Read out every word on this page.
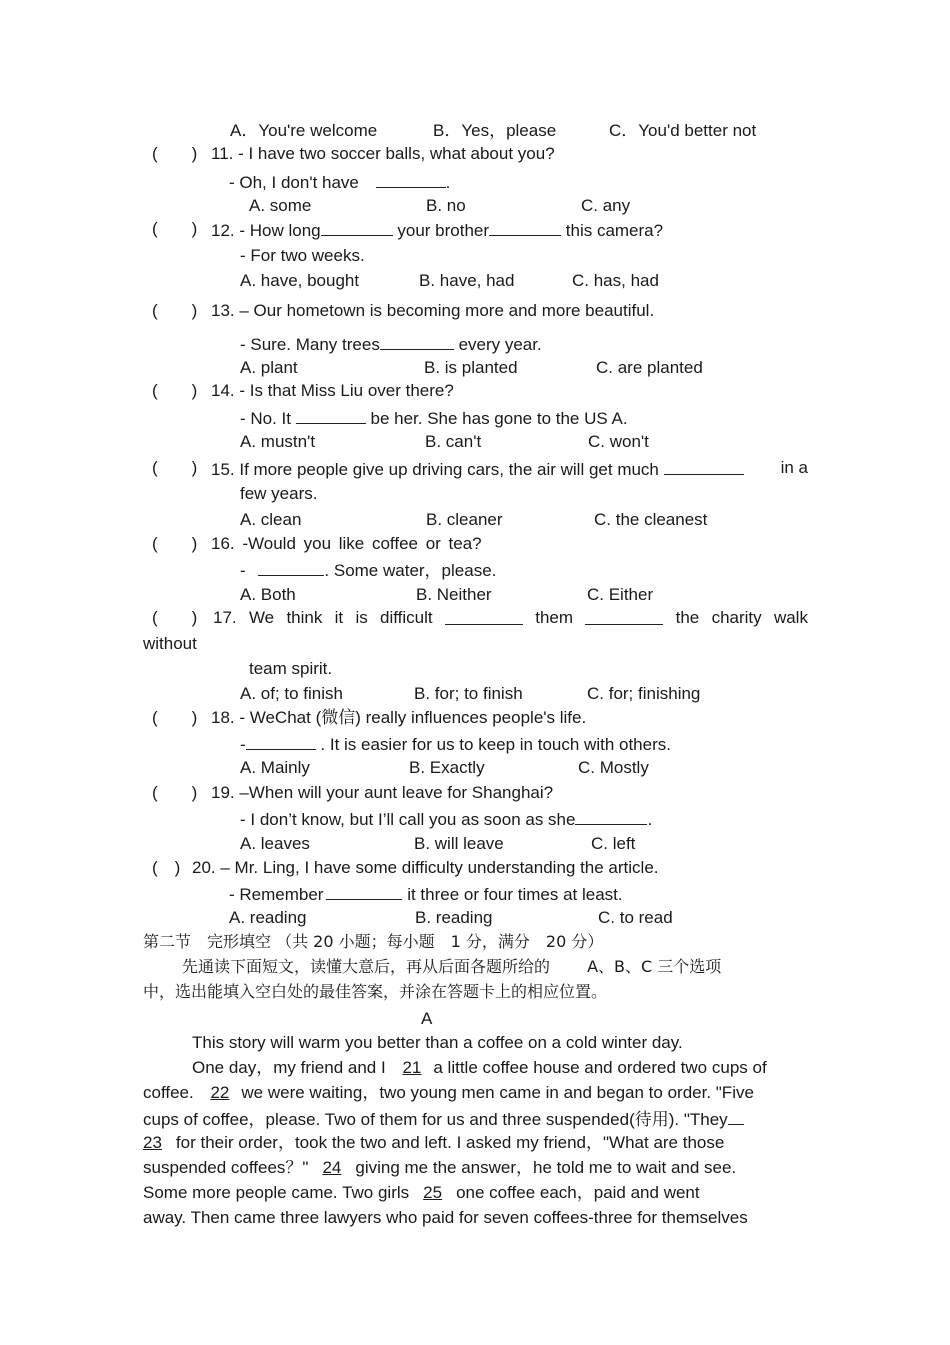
A．You're welcome	B．Yes，please	C．You'd better not
(　　) 11. - I have two soccer balls, what about you?
- Oh, I don't have	.
A. some	B. no	C. any
(　　) 12. - How long	your brother	this camera?
- For two weeks.
A. have, bought	B. have, had	C. has, had
(　　) 13. – Our hometown is becoming more and more beautiful.
- Sure. Many trees	every year.
A. plant	B. is planted	C. are planted
(　　) 14. - Is that Miss Liu over there?
- No. It	be her. She has gone to the US A.
A. mustn't	B. can't	C. won't
(　　) 15. If more people give up driving cars, the air will get much	in a
few years.
A. clean	B. cleaner	C. the cleanest
(　　) 16. -Would you like coffee or tea?
-	. Some water，please.
A. Both	B. Neither	C. Either
(　　) 17. We think it is difficult	them	the charity walk
without
team spirit.
A. of; to finish	B. for; to finish	C. for; finishing
(　　) 18. - WeChat (微信) really influences people's life.
-	. It is easier for us to keep in touch with others.
A. Mainly	B. Exactly	C. Mostly
(　　) 19. –When will your aunt leave for Shanghai?
- I don’t know, but I’ll call you as soon as she	.
A. leaves	B. will leave	C. left
(　) 20. – Mr. Ling, I have some difficulty understanding the article.
- Remember	it three or four times at least.
A. reading	B. reading	C. to read
第二节　完形填空 （共 20 小题；每小题　1 分，满分　20 分）
先通读下面短文，读懂大意后，再从后面各题所给的　　 A、B、C 三个选项
中，选出能填入空白处的最佳答案，并涂在答题卡上的相应位置。
A
This story will warm you better than a coffee on a cold winter day.
One day，my friend and I 21 a little coffee house and ordered two cups of
coffee. 22 we were waiting，two young men came in and began to order. "Five
cups of coffee，please. Two of them for us and three suspended(待用). "They
23 for their order，took the two and left. I asked my friend，"What are those
suspended coffees？" 24 giving me the answer，he told me to wait and see.
Some more people came. Two girls 25 one coffee each，paid and went
away. Then came three lawyers who paid for seven coffees-three for themselves
